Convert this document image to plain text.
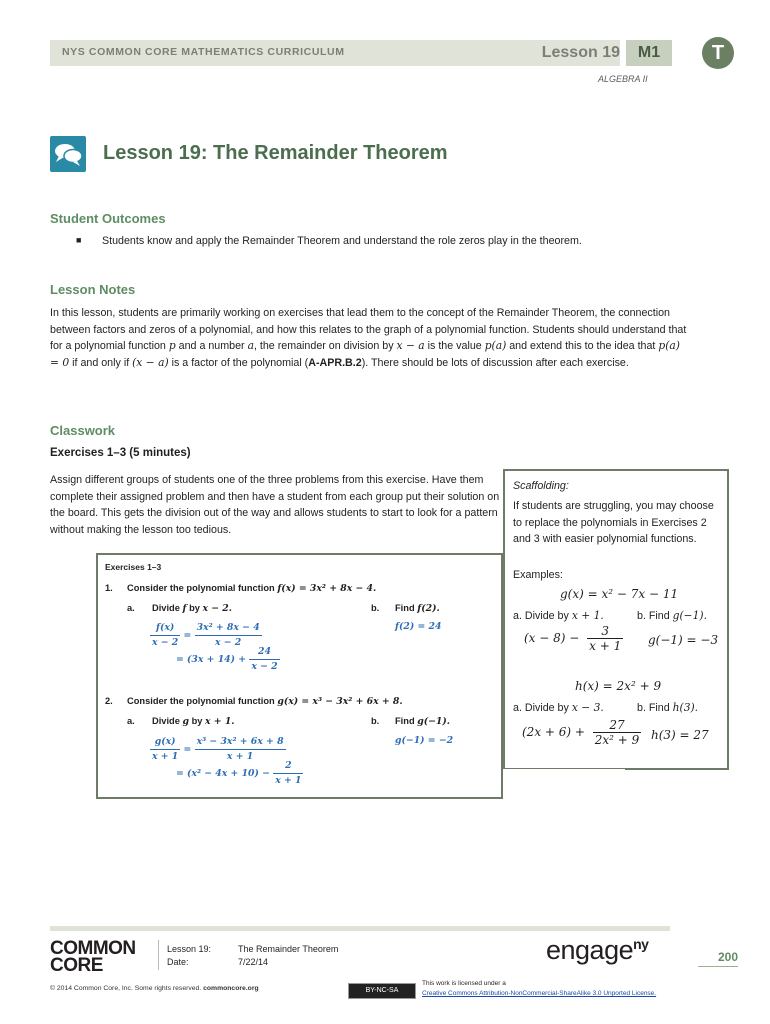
NYS COMMON CORE MATHEMATICS CURRICULUM	Lesson 19	M1	T
ALGEBRA II
Lesson 19: The Remainder Theorem
Student Outcomes
■ Students know and apply the Remainder Theorem and understand the role zeros play in the theorem.
Lesson Notes
In this lesson, students are primarily working on exercises that lead them to the concept of the Remainder Theorem, the connection between factors and zeros of a polynomial, and how this relates to the graph of a polynomial function. Students should understand that for a polynomial function p and a number a, the remainder on division by x − a is the value p(a) and extend this to the idea that p(a) = 0 if and only if (x − a) is a factor of the polynomial (A-APR.B.2). There should be lots of discussion after each exercise.
Classwork
Exercises 1–3 (5 minutes)
Assign different groups of students one of the three problems from this exercise. Have them complete their assigned problem and then have a student from each group put their solution on the board. This gets the division out of the way and allows students to start to look for a pattern without making the lesson too tedious.
Scaffolding:
If students are struggling, you may choose to replace the polynomials in Exercises 2 and 3 with easier polynomial functions.
Examples:
g(x) = x² − 7x − 11
a. Divide by x + 1.	b. Find g(−1).
$(x - 8) - \frac{3}{x + 1} g(-1) = -3$
h(x) = 2x² + 9
a. Divide by x − 3.	b. Find h(3).
$(2x + 6) + \frac{27}{\text{2x² + 9}} h(3) = 27$
Exercises 1–3
1. Consider the polynomial function f(x) = 3x² + 8x − 4.
a. Divide f by x − 2.	b. Find f(2).
$\frac{f(x)}{x - 2} = \frac{\text{3x² + 8x − 4}}{x - 2}$
= $(3x + 14) + \frac{24}{x - 2}$
f(2) = 24
2. Consider the polynomial function g(x) = x³ − 3x² + 6x + 8.
a. Divide g by x + 1.	b. Find g(−1).
$\frac{g(x)}{x + 1} = \frac{\text{x³ − 3x² + 6x + 8}}{x + 1}$
= $(x^2 - 4x + 10) - \frac{2}{x + 1}$
g(−1) = −2
COMMON
CORE
Lesson 19:	The Remainder Theorem
Date:	7/22/14	engage$^{ny}$
200
© 2014 Common Core, Inc. Some rights reserved. commoncore.org	BY-NC-SA
This work is licensed under a
Creative Commons Attribution-NonCommercial-ShareAlike 3.0 Unported License.
